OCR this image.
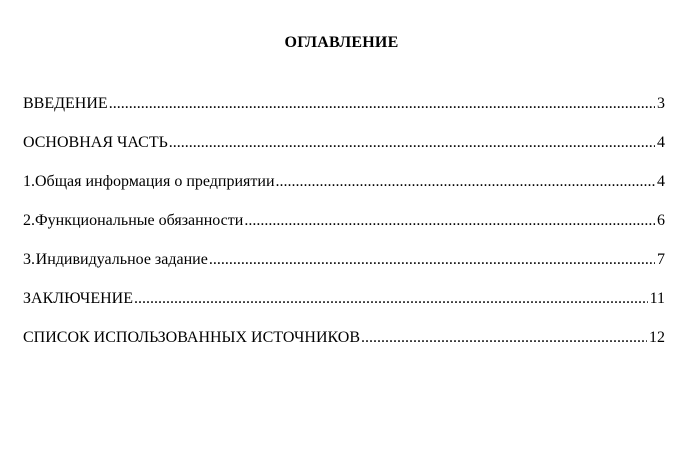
ОГЛАВЛЕНИЕ
ВВЕДЕНИЕ .....	3
ОСНОВНАЯ ЧАСТЬ .....	4
1. Общая информация о предприятии .....	4
2. Функциональные обязанности .....	6
3. Индивидуальное задание .....	7
ЗАКЛЮЧЕНИЕ .....	11
СПИСОК ИСПОЛЬЗОВАННЫХ ИСТОЧНИКОВ .....	12
